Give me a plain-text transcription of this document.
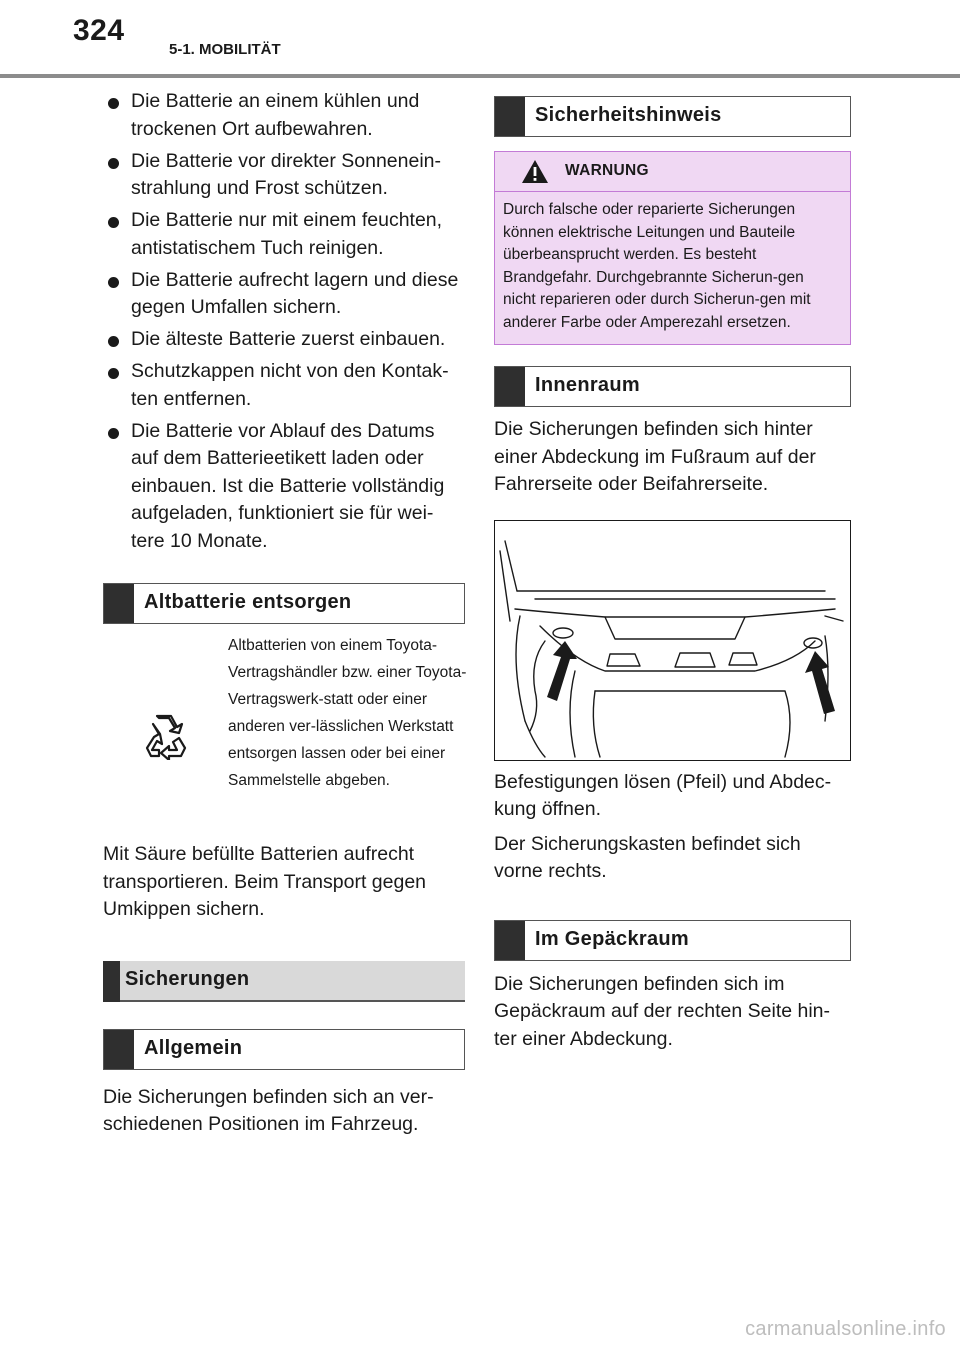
324
5-1. MOBILITÄT
Die Batterie an einem kühlen und trockenen Ort aufbewahren.
Die Batterie vor direkter Sonnenein-strahlung und Frost schützen.
Die Batterie nur mit einem feuchten, antistatischem Tuch reinigen.
Die Batterie aufrecht lagern und diese gegen Umfallen sichern.
Die älteste Batterie zuerst einbauen.
Schutzkappen nicht von den Kontak-ten entfernen.
Die Batterie vor Ablauf des Datums auf dem Batterieetikett laden oder einbauen. Ist die Batterie vollständig aufgeladen, funktioniert sie für wei-tere 10 Monate.
Altbatterie entsorgen
Altbatterien von einem Toyota-Vertragshändler bzw. einer Toyota-Vertragswerk-statt oder einer anderen ver-lässlichen Werkstatt entsorgen lassen oder bei einer Sammelstelle abgeben.
Mit Säure befüllte Batterien aufrecht transportieren. Beim Transport gegen Umkippen sichern.
Sicherungen
Allgemein
Die Sicherungen befinden sich an ver-schiedenen Positionen im Fahrzeug.
Sicherheitshinweis
WARNUNG
Durch falsche oder reparierte Sicherungen können elektrische Leitungen und Bauteile überbeansprucht werden. Es besteht Brandgefahr. Durchgebrannte Sicherun-gen nicht reparieren oder durch Sicherun-gen mit anderer Farbe oder Amperezahl ersetzen.
Innenraum
Die Sicherungen befinden sich hinter einer Abdeckung im Fußraum auf der Fahrerseite oder Beifahrerseite.
Befestigungen lösen (Pfeil) und Abdec-kung öffnen.
Der Sicherungskasten befindet sich vorne rechts.
Im Gepäckraum
Die Sicherungen befinden sich im Gepäckraum auf der rechten Seite hin-ter einer Abdeckung.
carmanualsonline.info
